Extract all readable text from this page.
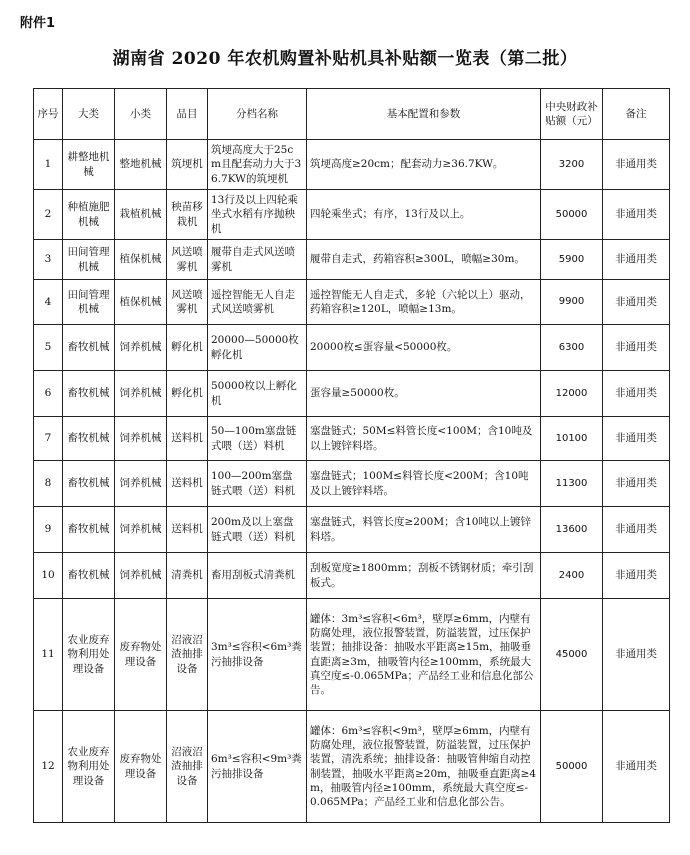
附件1
湖南省 2020 年农机购置补贴机具补贴额一览表（第二批）
序号	大类	小类	品目	分档名称	基本配置和参数	中央财政补贴额（元）	备注
1	耕整地机械	整地机械	筑埂机	筑埂高度大于25cm且配套动力大于36.7KW的筑埂机	筑埂高度≥20cm；配套动力≥36.7KW。	3200	非通用类
2	种植施肥机械	栽植机械	秧苗移栽机	13行及以上四轮乘坐式水稻有序抛秧机	四轮乘坐式；有序，13行及以上。	50000	非通用类
3	田间管理机械	植保机械	风送喷雾机	履带自走式风送喷雾机	履带自走式，药箱容积≥300L，喷幅≥30m。	5900	非通用类
4	田间管理机械	植保机械	风送喷雾机	遥控智能无人自走式风送喷雾机	遥控智能无人自走式，多轮（六轮以上）驱动，药箱容积≥120L，喷幅≥13m。	9900	非通用类
5	畜牧机械	饲养机械	孵化机	20000—50000枚孵化机	20000枚≤蛋容量<50000枚。	6300	非通用类
6	畜牧机械	饲养机械	孵化机	50000枚以上孵化机	蛋容量≥50000枚。	12000	非通用类
7	畜牧机械	饲养机械	送料机	50—100m塞盘链式喂（送）料机	塞盘链式；50M≤料管长度<100M；含10吨及以上镀锌料塔。	10100	非通用类
8	畜牧机械	饲养机械	送料机	100—200m塞盘链式喂（送）料机	塞盘链式；100M≤料管长度<200M；含10吨及以上镀锌料塔。	11300	非通用类
9	畜牧机械	饲养机械	送料机	200m及以上塞盘链式喂（送）料机	塞盘链式，料管长度≥200M；含10吨以上镀锌料塔。	13600	非通用类
10	畜牧机械	饲养机械	清粪机	畜用刮板式清粪机	刮板宽度≥1800mm；刮板不锈钢材质；牵引刮板式。	2400	非通用类
11	农业废弃物利用处理设备	废弃物处理设备	沼液沼渣抽排设备	3m³≤容积<6m³粪污抽排设备	罐体：3m³≤容积<6m³，壁厚≥6mm，内壁有防腐处理，液位报警装置，防溢装置，过压保护装置；抽排设备：抽吸水平距离≥15m，抽吸垂直距离≥3m，抽吸管内径≥100mm，系统最大真空度≤-0.065MPa；产品经工业和信息化部公告。	45000	非通用类
12	农业废弃物利用处理设备	废弃物处理设备	沼液沼渣抽排设备	6m³≤容积<9m³粪污抽排设备	罐体：6m³≤容积<9m³，壁厚≥6mm，内壁有防腐处理，液位报警装置，防溢装置，过压保护装置，清洗系统；抽排设备：抽吸管伸缩自动控制装置，抽吸水平距离≥20m，抽吸垂直距离≥4m，抽吸管内径≥100mm，系统最大真空度≤-0.065MPa；产品经工业和信息化部公告。	50000	非通用类
